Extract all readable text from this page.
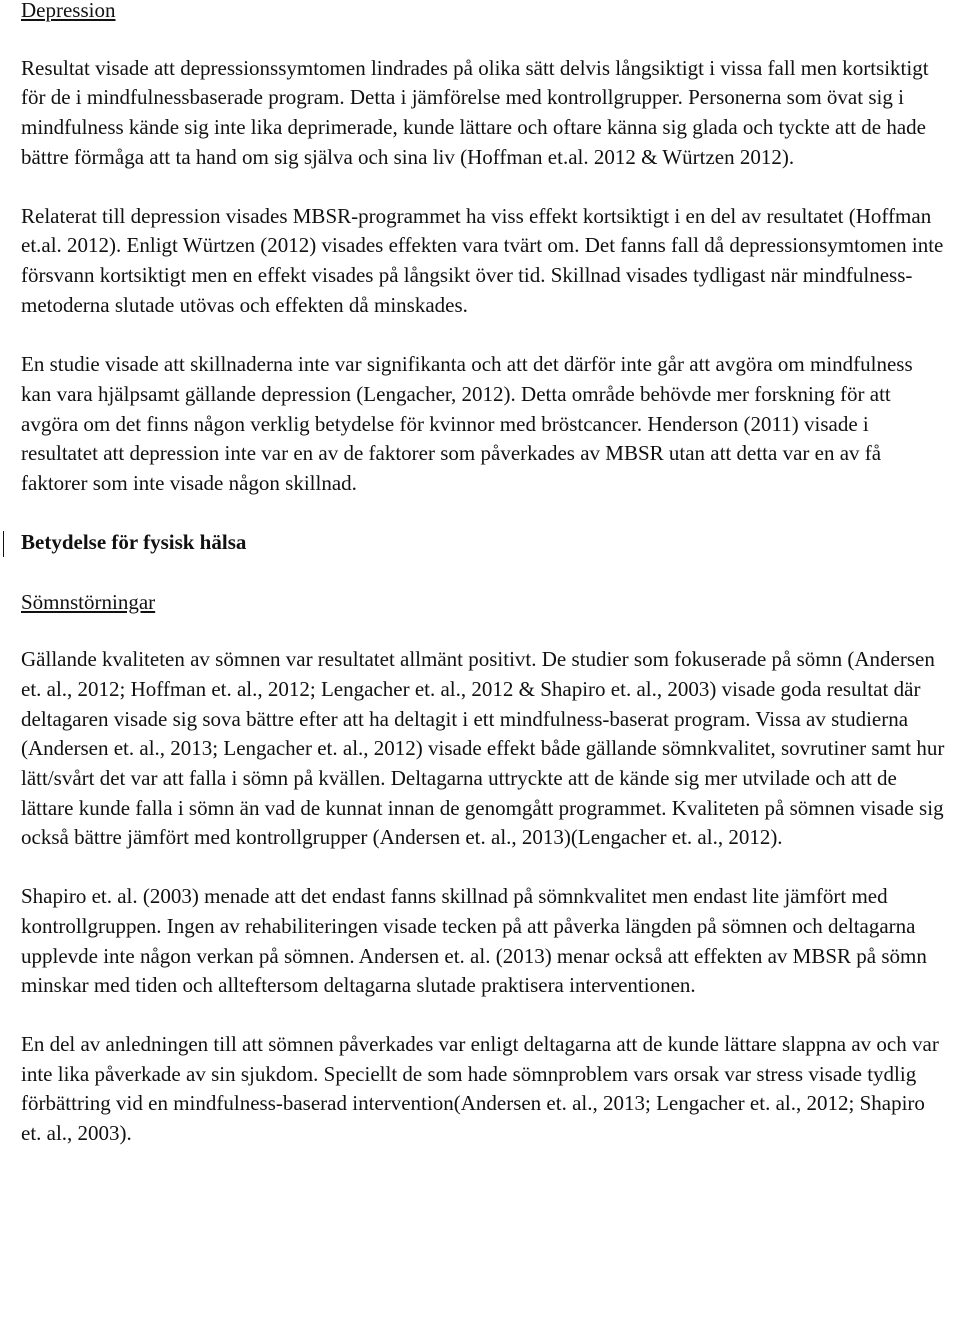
Depression

Resultat visade att depressionssymtomen lindrades på olika sätt delvis långsiktigt i vissa fall men kortsiktigt för de i mindfulnessbaserade program. Detta i jämförelse med kontrollgrupper. Personerna som övat sig i mindfulness kände sig inte lika deprimerade, kunde lättare och oftare känna sig glada och tyckte att de hade bättre förmåga att ta hand om sig själva och sina liv (Hoffman et.al. 2012 & Würtzen 2012).

Relaterat till depression visades MBSR-programmet ha viss effekt kortsiktigt i en del av resultatet (Hoffman et.al. 2012). Enligt Würtzen (2012) visades effekten vara tvärt om. Det fanns fall då depressionsymtomen inte försvann kortsiktigt men en effekt visades på långsikt över tid. Skillnad visades tydligast när mindfulness-metoderna slutade utövas och effekten då minskades.

En studie visade att skillnaderna inte var signifikanta och att det därför inte går att avgöra om mindfulness kan vara hjälpsamt gällande depression (Lengacher, 2012). Detta område behövde mer forskning för att avgöra om det finns någon verklig betydelse för kvinnor med bröstcancer. Henderson (2011) visade i resultatet att depression inte var en av de faktorer som påverkades av MBSR utan att detta var en av få faktorer som inte visade någon skillnad.

Betydelse för fysisk hälsa
Sömnstörningar

Gällande kvaliteten av sömnen var resultatet allmänt positivt. De studier som fokuserade på sömn (Andersen et. al., 2012; Hoffman et. al., 2012; Lengacher et. al., 2012 & Shapiro et. al., 2003) visade goda resultat där deltagaren visade sig sova bättre efter att ha deltagit i ett mindfulness-baserat program. Vissa av studierna (Andersen et. al., 2013; Lengacher et. al., 2012) visade effekt både gällande sömnkvalitet, sovrutiner samt hur lätt/svårt det var att falla i sömn på kvällen. Deltagarna uttryckte att de kände sig mer utvilade och att de lättare kunde falla i sömn än vad de kunnat innan de genomgått programmet. Kvaliteten på sömnen visade sig också bättre jämfört med kontrollgrupper (Andersen et. al., 2013)(Lengacher et. al., 2012).

Shapiro et. al. (2003) menade att det endast fanns skillnad på sömnkvalitet men endast lite jämfört med kontrollgruppen. Ingen av rehabiliteringen visade tecken på att påverka längden på sömnen och deltagarna upplevde inte någon verkan på sömnen. Andersen et. al. (2013) menar också att effekten av MBSR på sömn minskar med tiden och allteftersom deltagarna slutade praktisera interventionen.

En del av anledningen till att sömnen påverkades var enligt deltagarna att de kunde lättare slappna av och var inte lika påverkade av sin sjukdom. Speciellt de som hade sömnproblem vars orsak var stress visade tydlig förbättring vid en mindfulness-baserad intervention(Andersen et. al., 2013; Lengacher et. al., 2012; Shapiro et. al., 2003).
